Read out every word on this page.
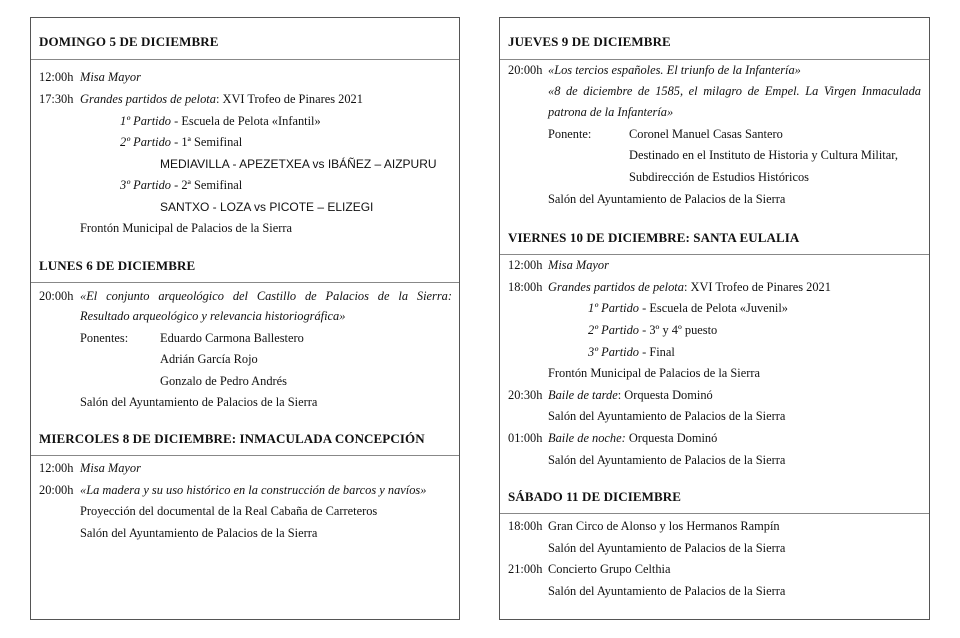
DOMINGO 5 DE DICIEMBRE
12:00h Misa Mayor
17:30h Grandes partidos de pelota: XVI Trofeo de Pinares 2021
1º Partido - Escuela de Pelota «Infantil»
2º Partido - 1ª Semifinal
MEDIAVILLA - APEZETXEA vs IBÁÑEZ – AIZPURU
3º Partido - 2ª Semifinal
SANTXO - LOZA vs PICOTE – ELIZEGI
Frontón Municipal de Palacios de la Sierra
LUNES 6 DE DICIEMBRE
20:00h «El conjunto arqueológico del Castillo de Palacios de la Sierra:
Resultado arqueológico y relevancia historiográfica»
Ponentes:	Eduardo Carmona Ballestero
Adrián García Rojo
Gonzalo de Pedro Andrés
Salón del Ayuntamiento de Palacios de la Sierra
MIERCOLES 8 DE DICIEMBRE: INMACULADA CONCEPCIÓN
12:00h Misa Mayor
20:00h «La madera y su uso histórico en la construcción de barcos y navíos»
Proyección del documental de la Real Cabaña de Carreteros
Salón del Ayuntamiento de Palacios de la Sierra
JUEVES 9 DE DICIEMBRE
20:00h «Los tercios españoles. El triunfo de la Infantería»
«8 de diciembre de 1585, el milagro de Empel. La Virgen Inmaculada
patrona de la Infantería»
Ponente:	Coronel Manuel Casas Santero
Destinado en el Instituto de Historia y Cultura Militar,
Subdirección de Estudios Históricos
Salón del Ayuntamiento de Palacios de la Sierra
VIERNES 10 DE DICIEMBRE: SANTA EULALIA
12:00h Misa Mayor
18:00h Grandes partidos de pelota: XVI Trofeo de Pinares 2021
1º Partido - Escuela de Pelota «Juvenil»
2º Partido - 3º y 4º puesto
3º Partido - Final
Frontón Municipal de Palacios de la Sierra
20:30h Baile de tarde: Orquesta Dominó
Salón del Ayuntamiento de Palacios de la Sierra
01:00h Baile de noche: Orquesta Dominó
Salón del Ayuntamiento de Palacios de la Sierra
SÁBADO 11 DE DICIEMBRE
18:00h Gran Circo de Alonso y los Hermanos Rampín
Salón del Ayuntamiento de Palacios de la Sierra
21:00h Concierto Grupo Celthia
Salón del Ayuntamiento de Palacios de la Sierra
